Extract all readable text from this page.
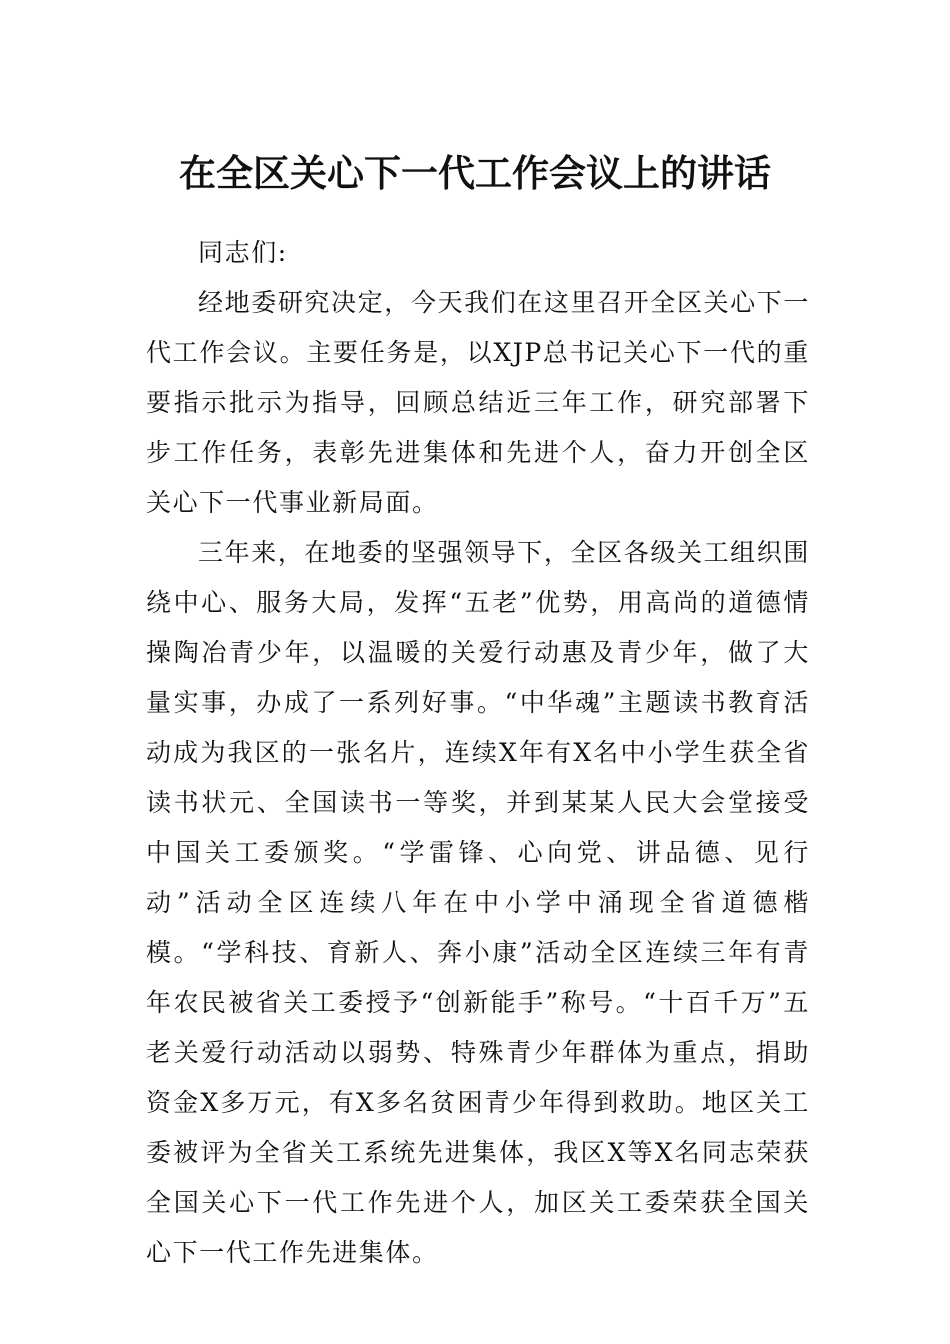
在全区关心下一代工作会议上的讲话

同志们:

经地委研究决定，今天我们在这里召开全区关心下一代工作会议。主要任务是，以XJP总书记关心下一代的重要指示批示为指导，回顾总结近三年工作，研究部署下步工作任务，表彰先进集体和先进个人，奋力开创全区关心下一代事业新局面。

三年来，在地委的坚强领导下，全区各级关工组织围绕中心、服务大局，发挥“五老”优势，用高尚的道德情操陶冶青少年，以温暖的关爱行动惠及青少年，做了大量实事，办成了一系列好事。“中华魂”主题读书教育活动成为我区的一张名片，连续X年有X名中小学生获全省读书状元、全国读书一等奖，并到某某人民大会堂接受中国关工委颁奖。“学雷锋、心向党、讲品德、见行动”活动全区连续八年在中小学中涌现全省道德楷模。“学科技、育新人、奔小康”活动全区连续三年有青年农民被省关工委授予“创新能手”称号。“十百千万”五老关爱行动活动以弱势、特殊青少年群体为重点，捐助资金X多万元，有X多名贫困青少年得到救助。地区关工委被评为全省关工系统先进集体，我区X等X名同志荣获全国关心下一代工作先进个人，加区关工委荣获全国关心下一代工作先进集体。
